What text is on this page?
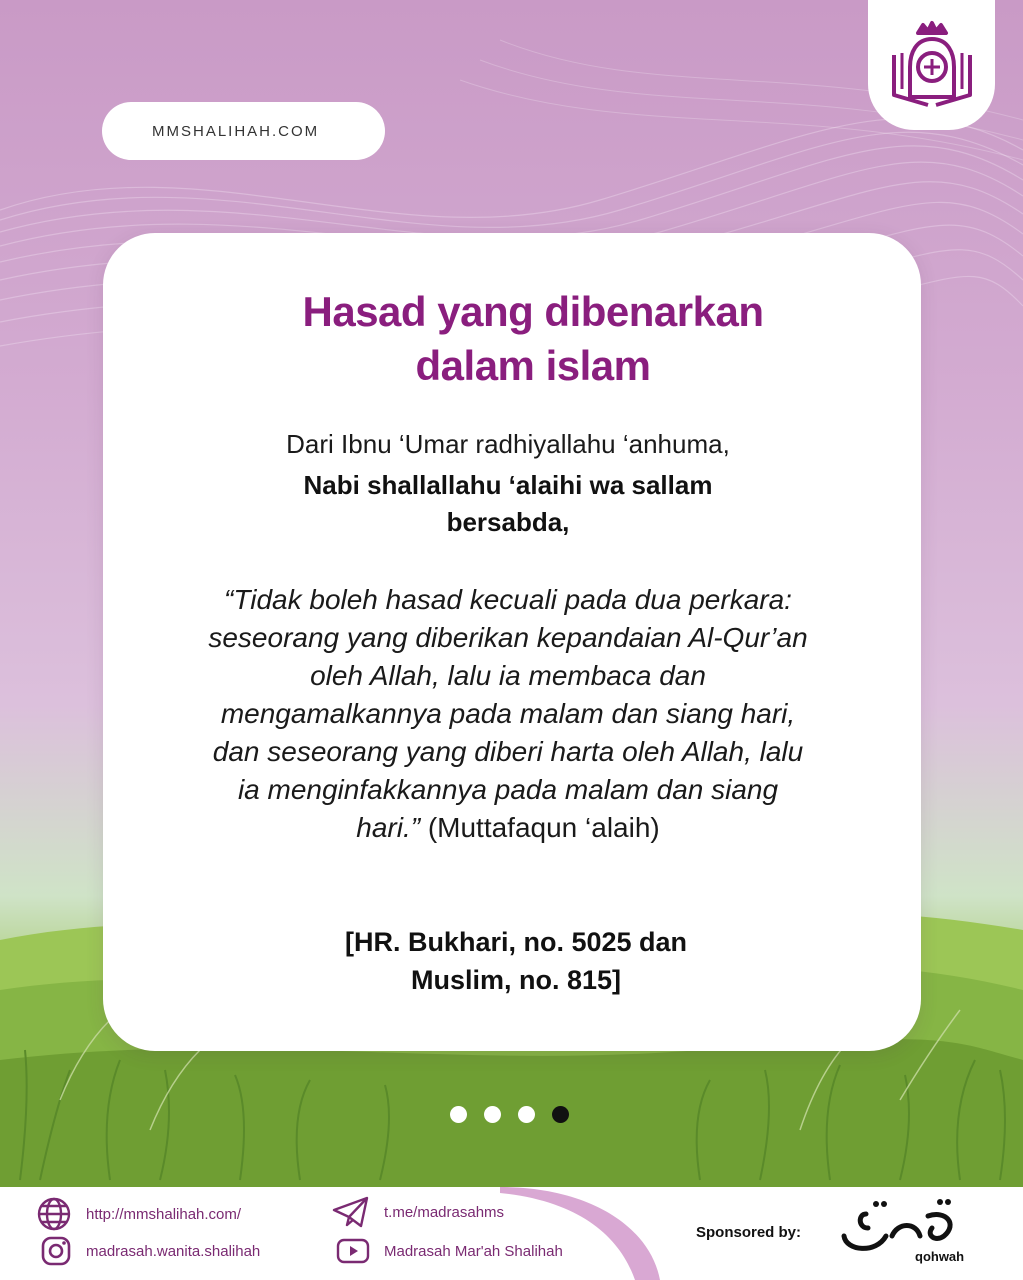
MMSHALIHAH.COM
Hasad yang dibenarkan
dalam islam
Dari Ibnu ‘Umar radhiyallahu ‘anhuma,
Nabi shallallahu ‘alaihi wa sallam
bersabda,
“Tidak boleh hasad kecuali pada dua perkara: seseorang yang diberikan kepandaian Al-Qur’an oleh Allah, lalu ia membaca dan mengamalkannya pada malam dan siang hari, dan seseorang yang diberi harta oleh Allah, lalu ia menginfakkannya pada malam dan siang hari.” (Muttafaqun ‘alaih)
[HR. Bukhari, no. 5025 dan
Muslim, no. 815]
http://mmshalihah.com/
madrasah.wanita.shalihah
t.me/madrasahms
Madrasah Mar'ah Shalihah
Sponsored by:
qohwah
